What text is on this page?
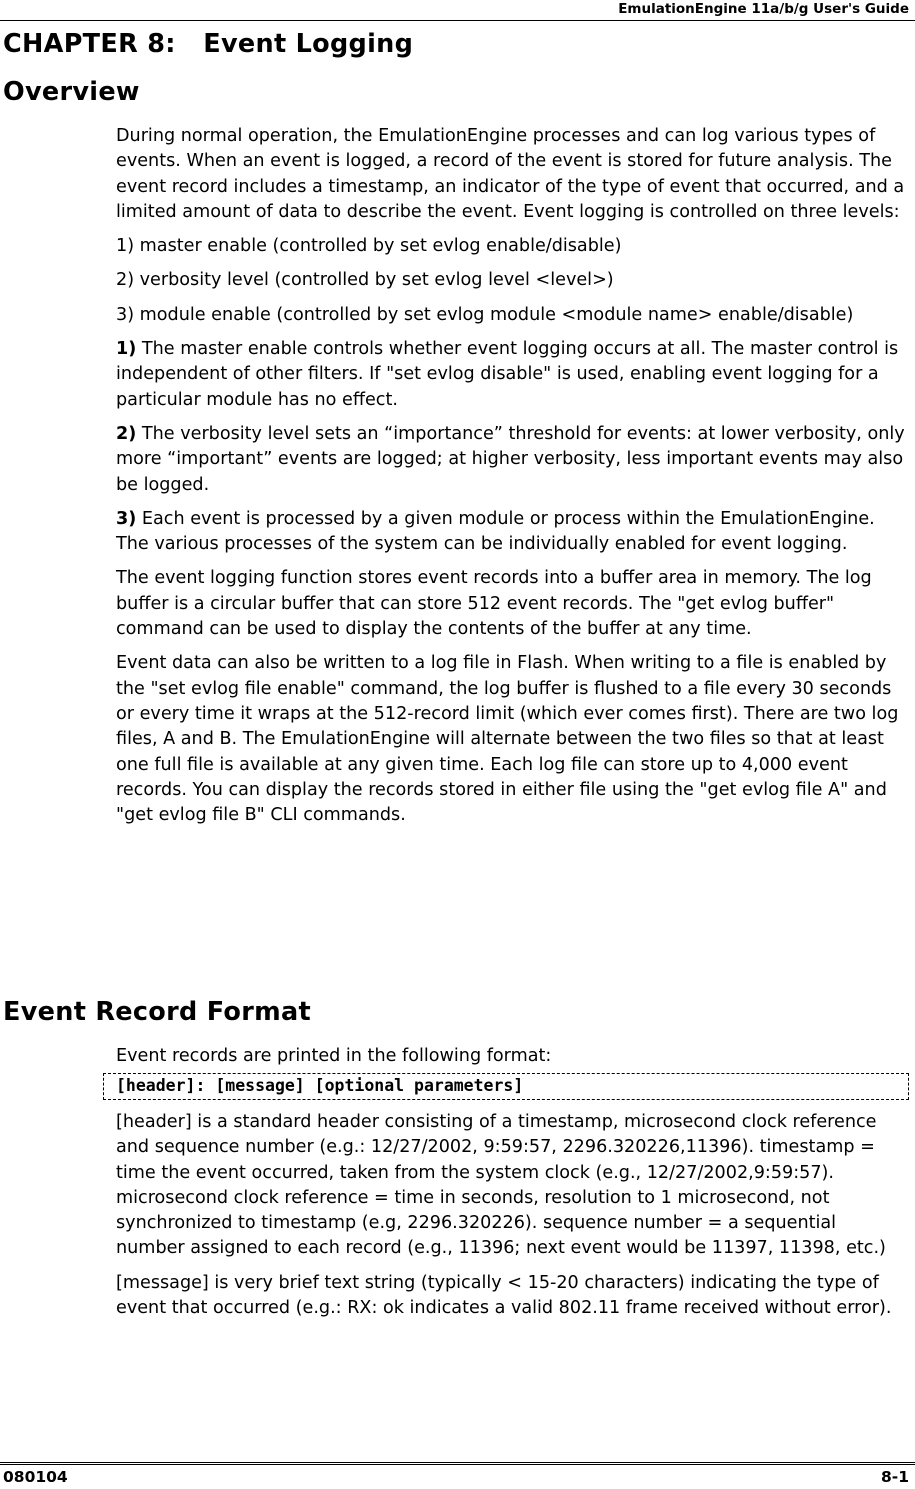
EmulationEngine 11a/b/g User's Guide
CHAPTER 8:   Event Logging
Overview

During normal operation, the EmulationEngine processes and can log various types of events. When an event is logged, a record of the event is stored for future analysis. The event record includes a timestamp, an indicator of the type of event that occurred, and a limited amount of data to describe the event. Event logging is controlled on three levels:

1) master enable (controlled by set evlog enable/disable)

2) verbosity level (controlled by set evlog level <level>)

3) module enable (controlled by set evlog module <module name> enable/disable)

1) The master enable controls whether event logging occurs at all. The master control is independent of other filters. If "set evlog disable" is used, enabling event logging for a particular module has no effect.

2) The verbosity level sets an “importance” threshold for events: at lower verbosity, only more “important” events are logged; at higher verbosity, less important events may also be logged.

3) Each event is processed by a given module or process within the EmulationEngine. The various processes of the system can be individually enabled for event logging.

The event logging function stores event records into a buffer area in memory. The log buffer is a circular buffer that can store 512 event records. The "get evlog buffer" command can be used to display the contents of the buffer at any time.

Event data can also be written to a log file in Flash. When writing to a file is enabled by the "set evlog file enable" command, the log buffer is flushed to a file every 30 seconds or every time it wraps at the 512-record limit (which ever comes first). There are two log files, A and B. The EmulationEngine will alternate between the two files so that at least one full file is available at any given time. Each log file can store up to 4,000 event records. You can display the records stored in either file using the "get evlog file A" and "get evlog file B" CLI commands.

Event Record Format

Event records are printed in the following format:

[header]: [message] [optional parameters]

[header] is a standard header consisting of a timestamp, microsecond clock reference and sequence number (e.g.: 12/27/2002, 9:59:57, 2296.320226,11396). timestamp = time the event occurred, taken from the system clock (e.g., 12/27/2002,9:59:57). microsecond clock reference = time in seconds, resolution to 1 microsecond, not synchronized to timestamp (e.g, 2296.320226). sequence number = a sequential number assigned to each record (e.g., 11396; next event would be 11397, 11398, etc.)

[message] is very brief text string (typically < 15-20 characters) indicating the type of event that occurred (e.g.: RX: ok indicates a valid 802.11 frame received without error).

080104	8-1
